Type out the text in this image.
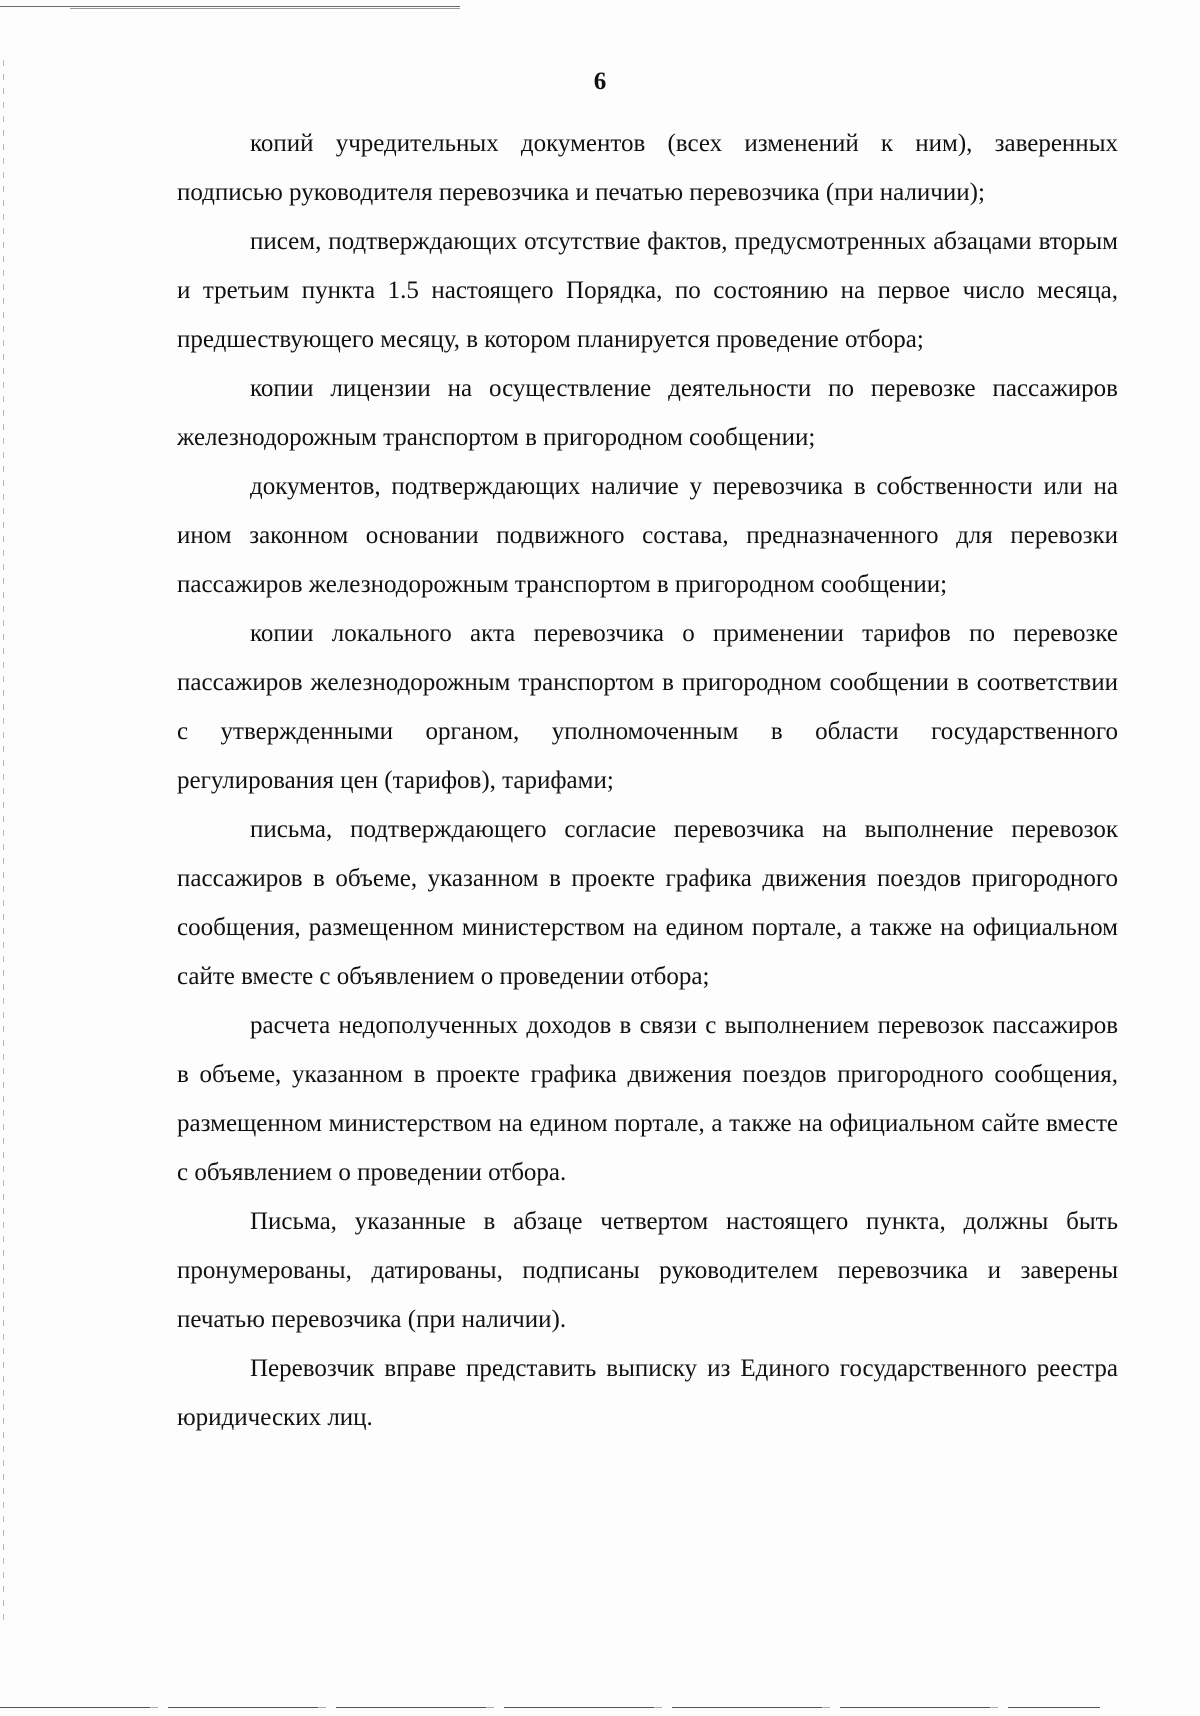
6

копий учредительных документов (всех изменений к ним), заверенных подписью руководителя перевозчика и печатью перевозчика (при наличии);

писем, подтверждающих отсутствие фактов, предусмотренных абзацами вторым и третьим пункта 1.5 настоящего Порядка, по состоянию на первое число месяца, предшествующего месяцу, в котором планируется проведение отбора;

копии лицензии на осуществление деятельности по перевозке пассажиров железнодорожным транспортом в пригородном сообщении;

документов, подтверждающих наличие у перевозчика в собственности или на ином законном основании подвижного состава, предназначенного для перевозки пассажиров железнодорожным транспортом в пригородном сообщении;

копии локального акта перевозчика о применении тарифов по перевозке пассажиров железнодорожным транспортом в пригородном сообщении в соответствии с утвержденными органом, уполномоченным в области государственного регулирования цен (тарифов), тарифами;

письма, подтверждающего согласие перевозчика на выполнение перевозок пассажиров в объеме, указанном в проекте графика движения поездов пригородного сообщения, размещенном министерством на едином портале, а также на официальном сайте вместе с объявлением о проведении отбора;

расчета недополученных доходов в связи с выполнением перевозок пассажиров в объеме, указанном в проекте графика движения поездов пригородного сообщения, размещенном министерством на едином портале, а также на официальном сайте вместе с объявлением о проведении отбора.

Письма, указанные в абзаце четвертом настоящего пункта, должны быть пронумерованы, датированы, подписаны руководителем перевозчика и заверены печатью перевозчика (при наличии).

Перевозчик вправе представить выписку из Единого государственного реестра юридических лиц.
